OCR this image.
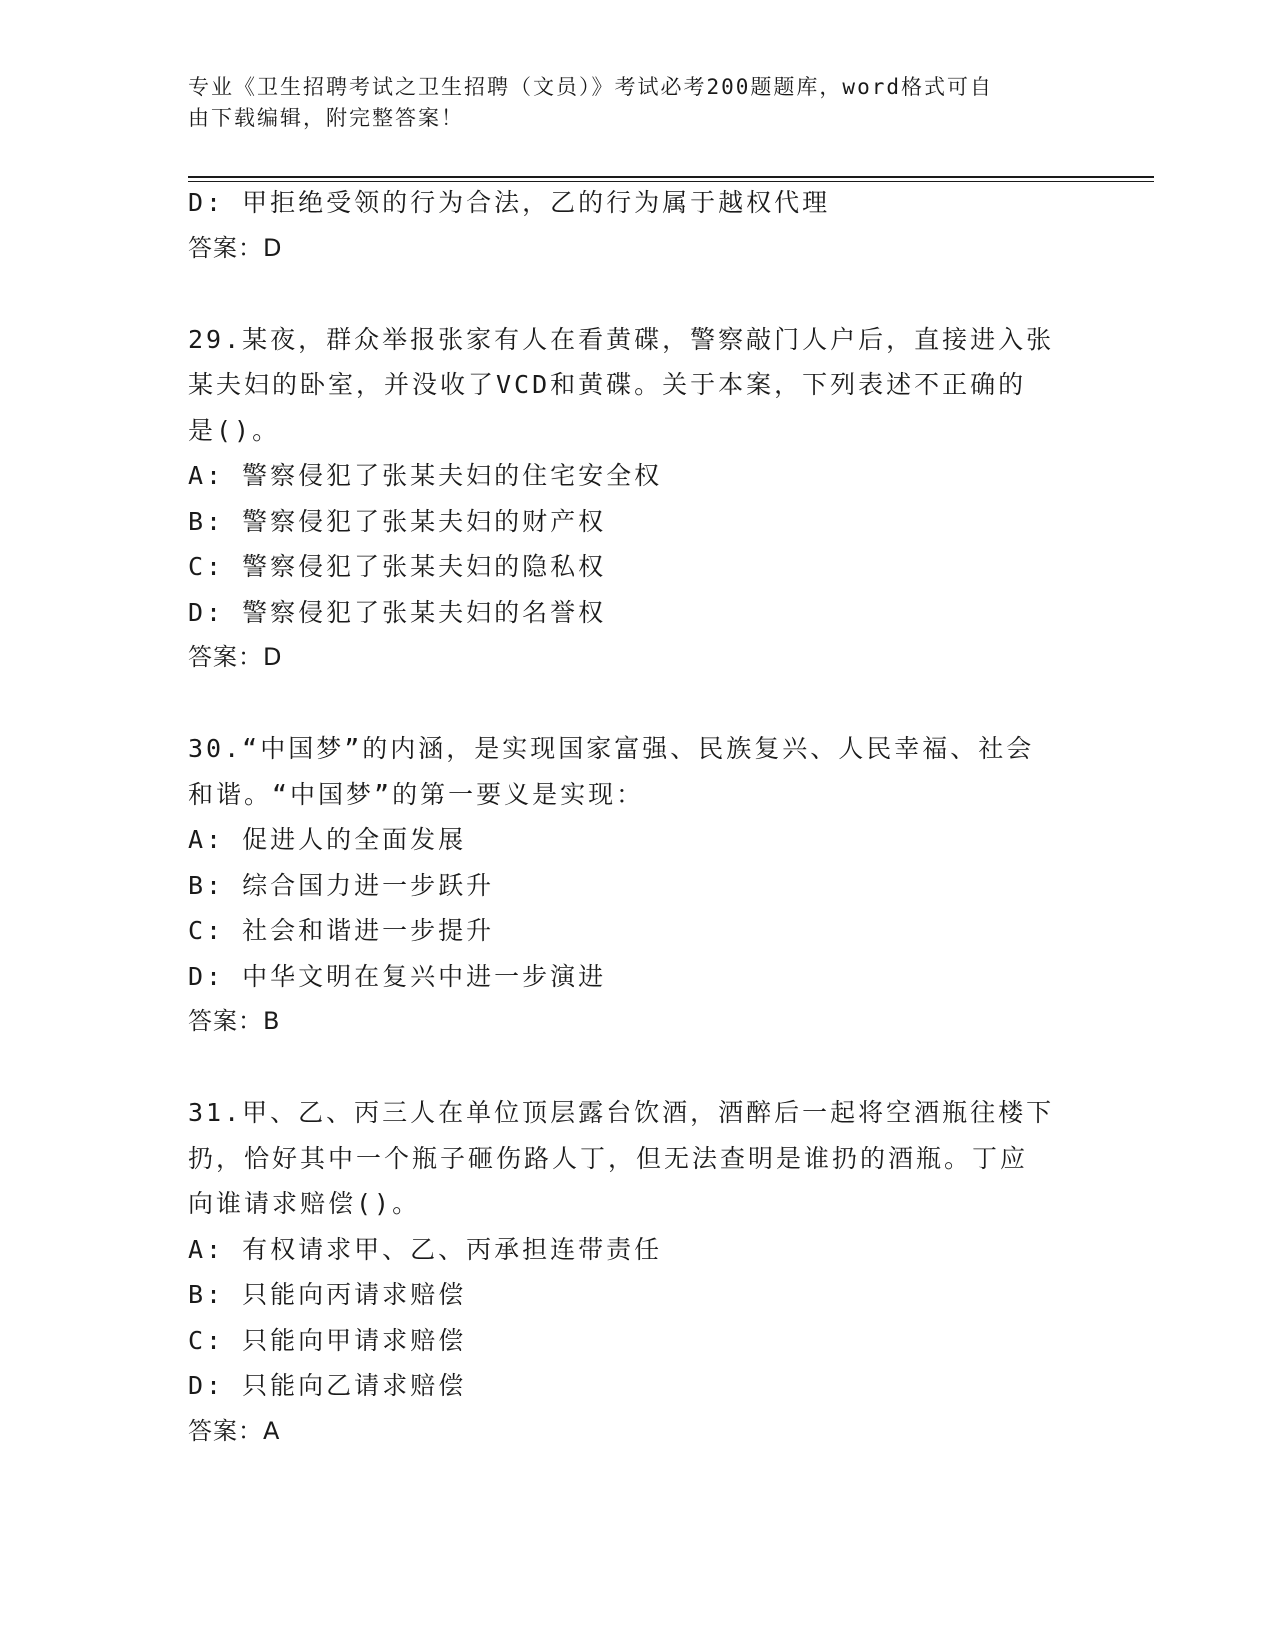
专业《卫生招聘考试之卫生招聘（文员）》考试必考200题题库，word格式可自
由下载编辑，附完整答案！
D: 甲拒绝受领的行为合法，乙的行为属于越权代理
答案：D
29.某夜，群众举报张家有人在看黄碟，警察敲门人户后，直接进入张
某夫妇的卧室，并没收了VCD和黄碟。关于本案，下列表述不正确的
是()。
A: 警察侵犯了张某夫妇的住宅安全权
B: 警察侵犯了张某夫妇的财产权
C: 警察侵犯了张某夫妇的隐私权
D: 警察侵犯了张某夫妇的名誉权
答案：D
30.“中国梦”的内涵，是实现国家富强、民族复兴、人民幸福、社会
和谐。“中国梦”的第一要义是实现：
A: 促进人的全面发展
B: 综合国力进一步跃升
C: 社会和谐进一步提升
D: 中华文明在复兴中进一步演进
答案：B
31.甲、乙、丙三人在单位顶层露台饮酒，酒醉后一起将空酒瓶往楼下
扔，恰好其中一个瓶子砸伤路人丁，但无法查明是谁扔的酒瓶。丁应
向谁请求赔偿()。
A: 有权请求甲、乙、丙承担连带责任
B: 只能向丙请求赔偿
C: 只能向甲请求赔偿
D: 只能向乙请求赔偿
答案：A
